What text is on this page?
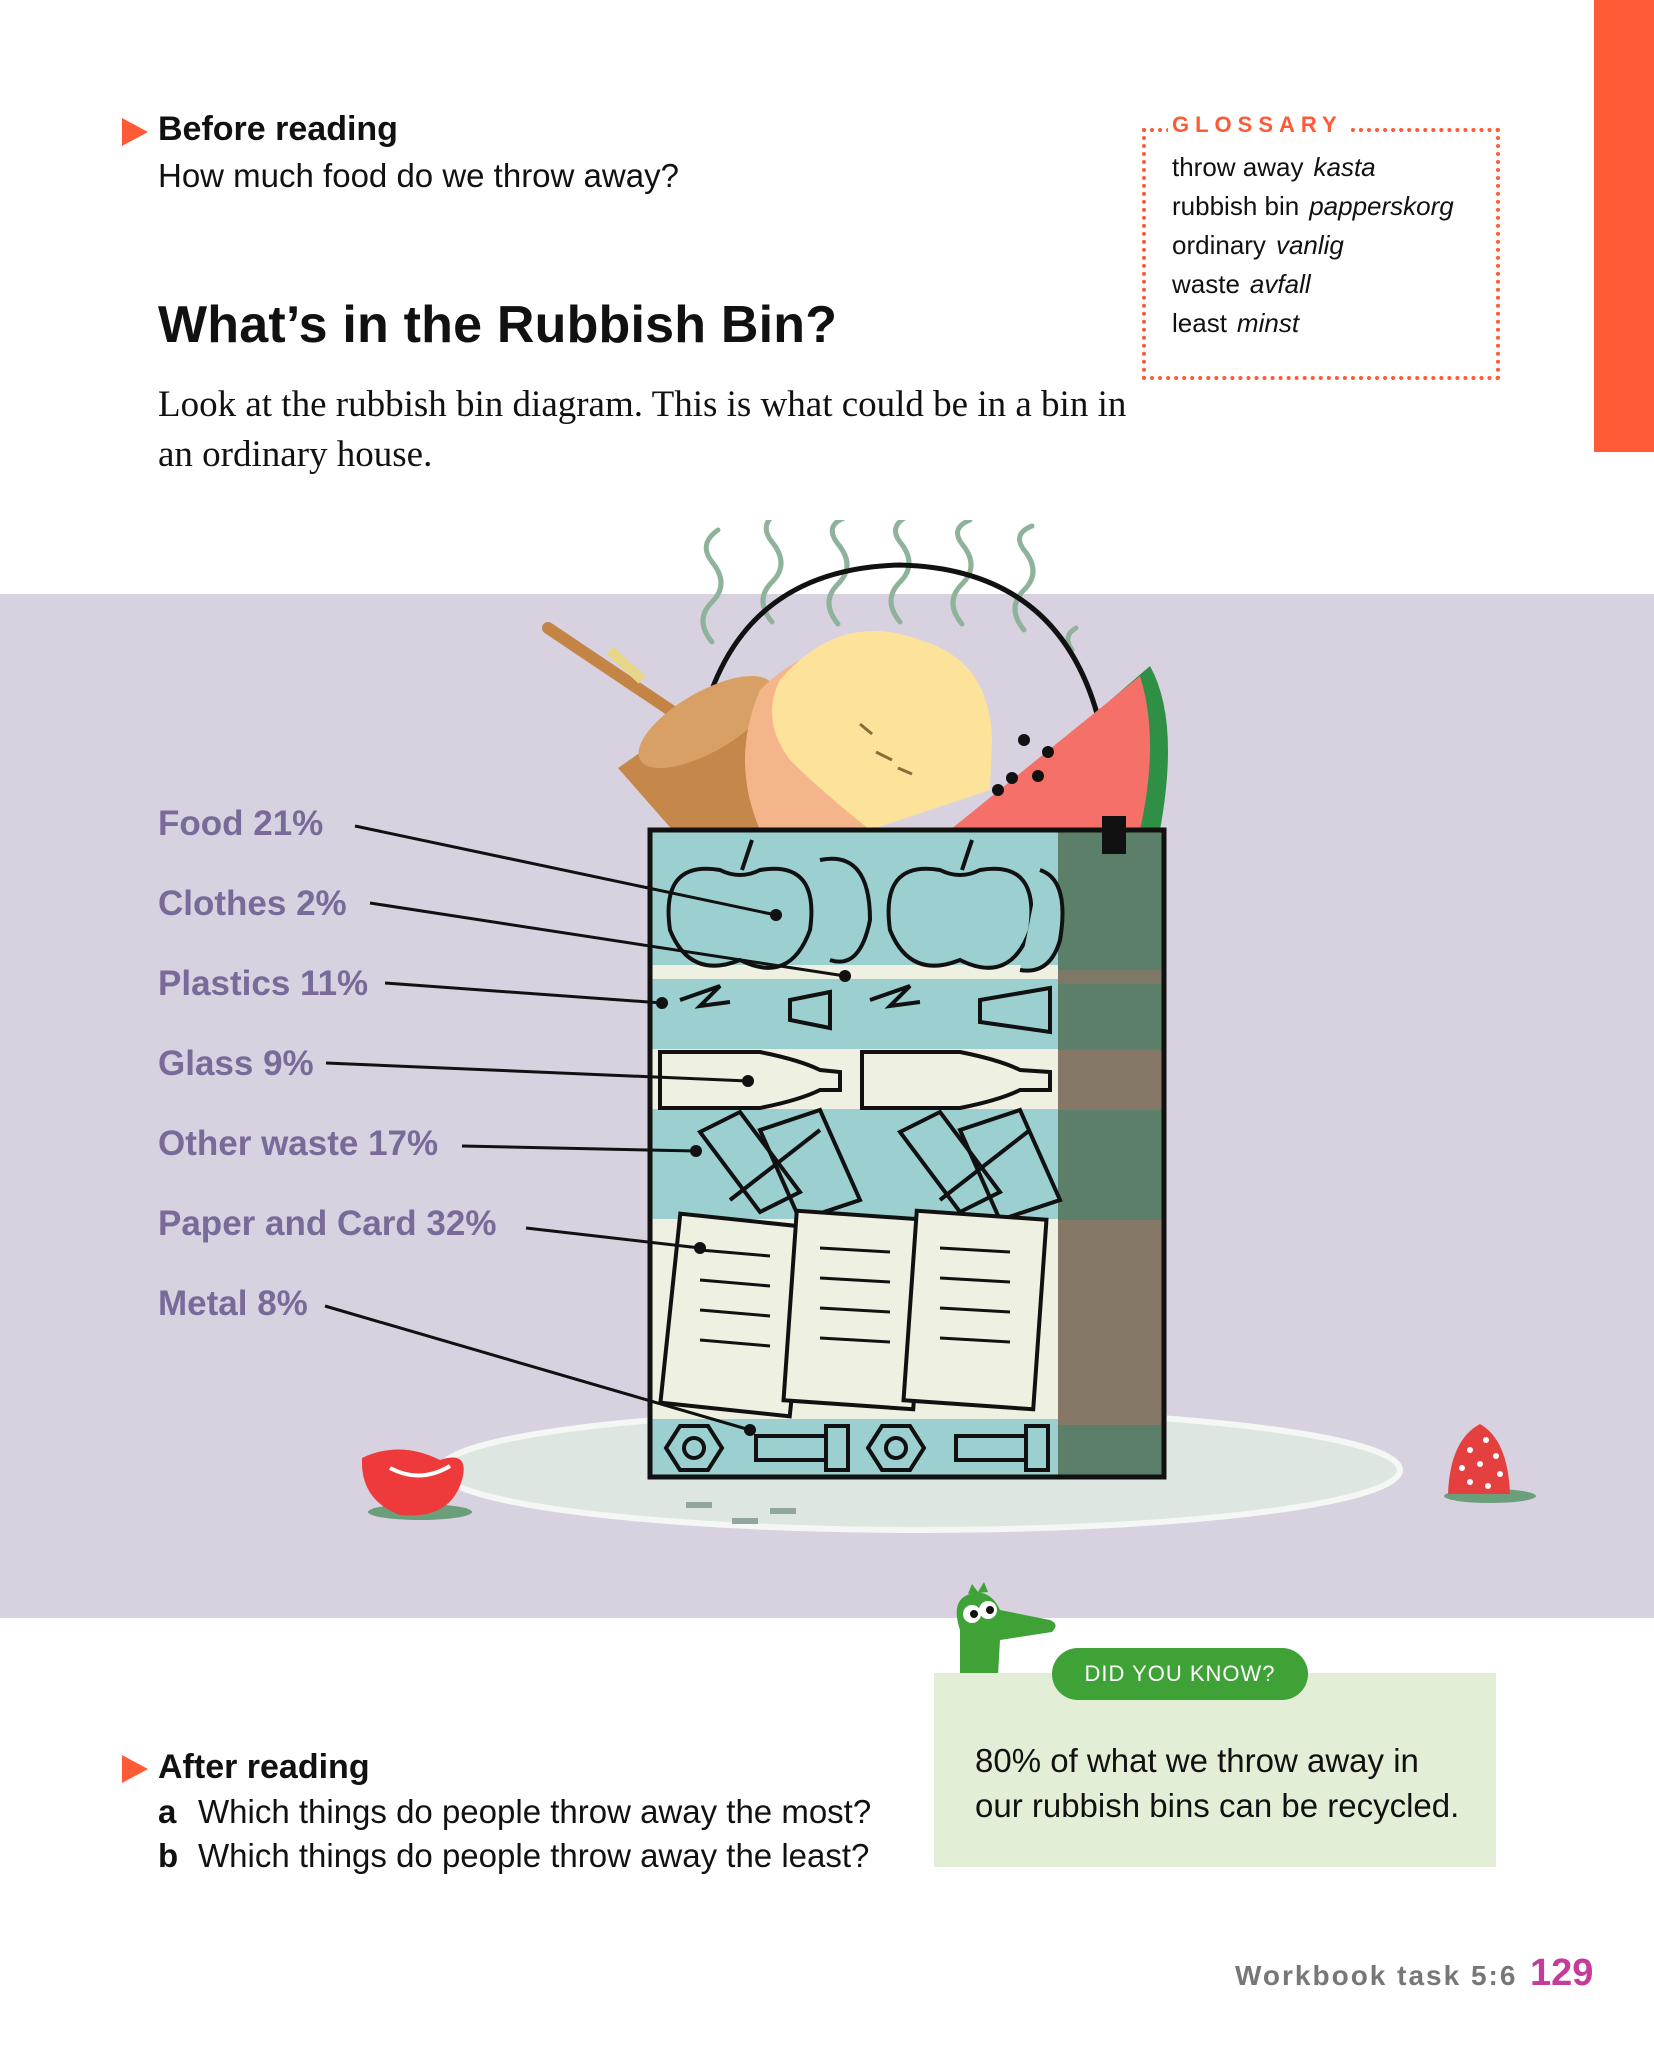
Before reading
How much food do we throw away?
What’s in the Rubbish Bin?
Look at the rubbish bin diagram. This is what could be in a bin in an ordinary house.
GLOSSARY
throw away kasta
rubbish bin papperskorg
ordinary vanlig
waste avfall
least minst
Food 21%
Clothes 2%
Plastics 11%
Glass 9%
Other waste 17%
Paper and Card 32%
Metal 8%
DID YOU KNOW?
80% of what we throw away in our rubbish bins can be recycled.
After reading
a Which things do people throw away the most?
b Which things do people throw away the least?
Workbook task 5:6 129
